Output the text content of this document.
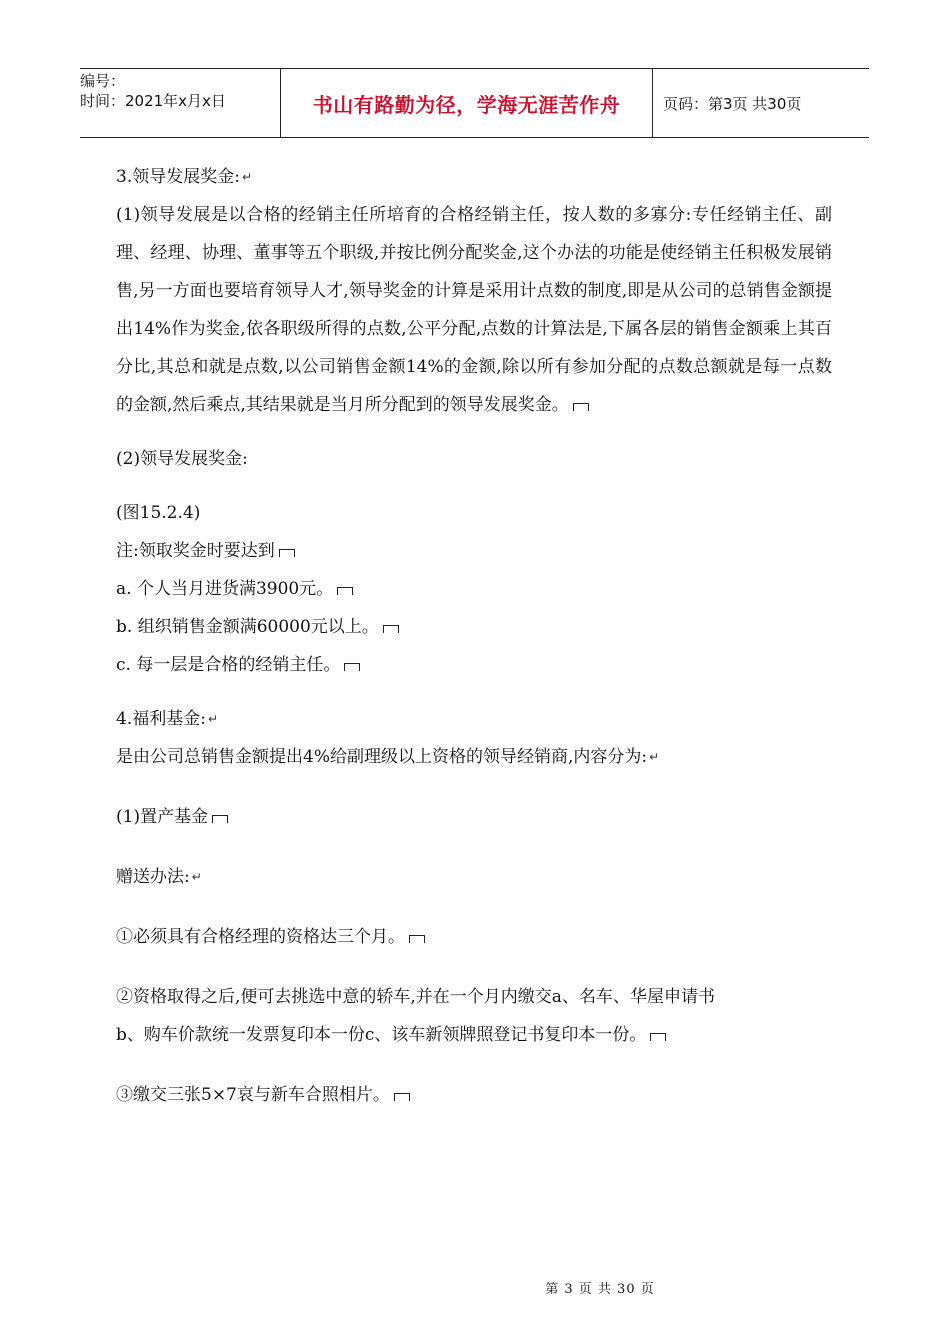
编号：
时间：2021年x月x日	书山有路勤为径，学海无涯苦作舟	页码：第3页 共30页

3.领导发展奖金: ↵

(1)领导发展是以合格的经销主任所培育的合格经销主任，按人数的多寡分:专任经销主任、副理、经理、协理、董事等五个职级,并按比例分配奖金,这个办法的功能是使经销主任积极发展销售,另一方面也要培育领导人才,领导奖金的计算是采用计点数的制度,即是从公司的总销售金额提出14%作为奖金,依各职级所得的点数,公平分配,点数的计算法是,下属各层的销售金额乘上其百分比,其总和就是点数,以公司销售金额14%的金额,除以所有参加分配的点数总额就是每一点数的金额,然后乘点,其结果就是当月所分配到的领导发展奖金。

(2)领导发展奖金:

(图15.2.4)

注:领取奖金时要达到

a. 个人当月进货满3900元。

b. 组织销售金额满60000元以上。

c. 每一层是合格的经销主任。

4.福利基金: ↵

是由公司总销售金额提出4%给副理级以上资格的领导经销商,内容分为: ↵

(1)置产基金

赠送办法: ↵

①必须具有合格经理的资格达三个月。

②资格取得之后,便可去挑选中意的轿车,并在一个月内缴交a、名车、华屋申请书

b、购车价款统一发票复印本一份c、该车新领牌照登记书复印本一份。

③缴交三张5×7哀与新车合照相片。

第 3 页 共 30 页
